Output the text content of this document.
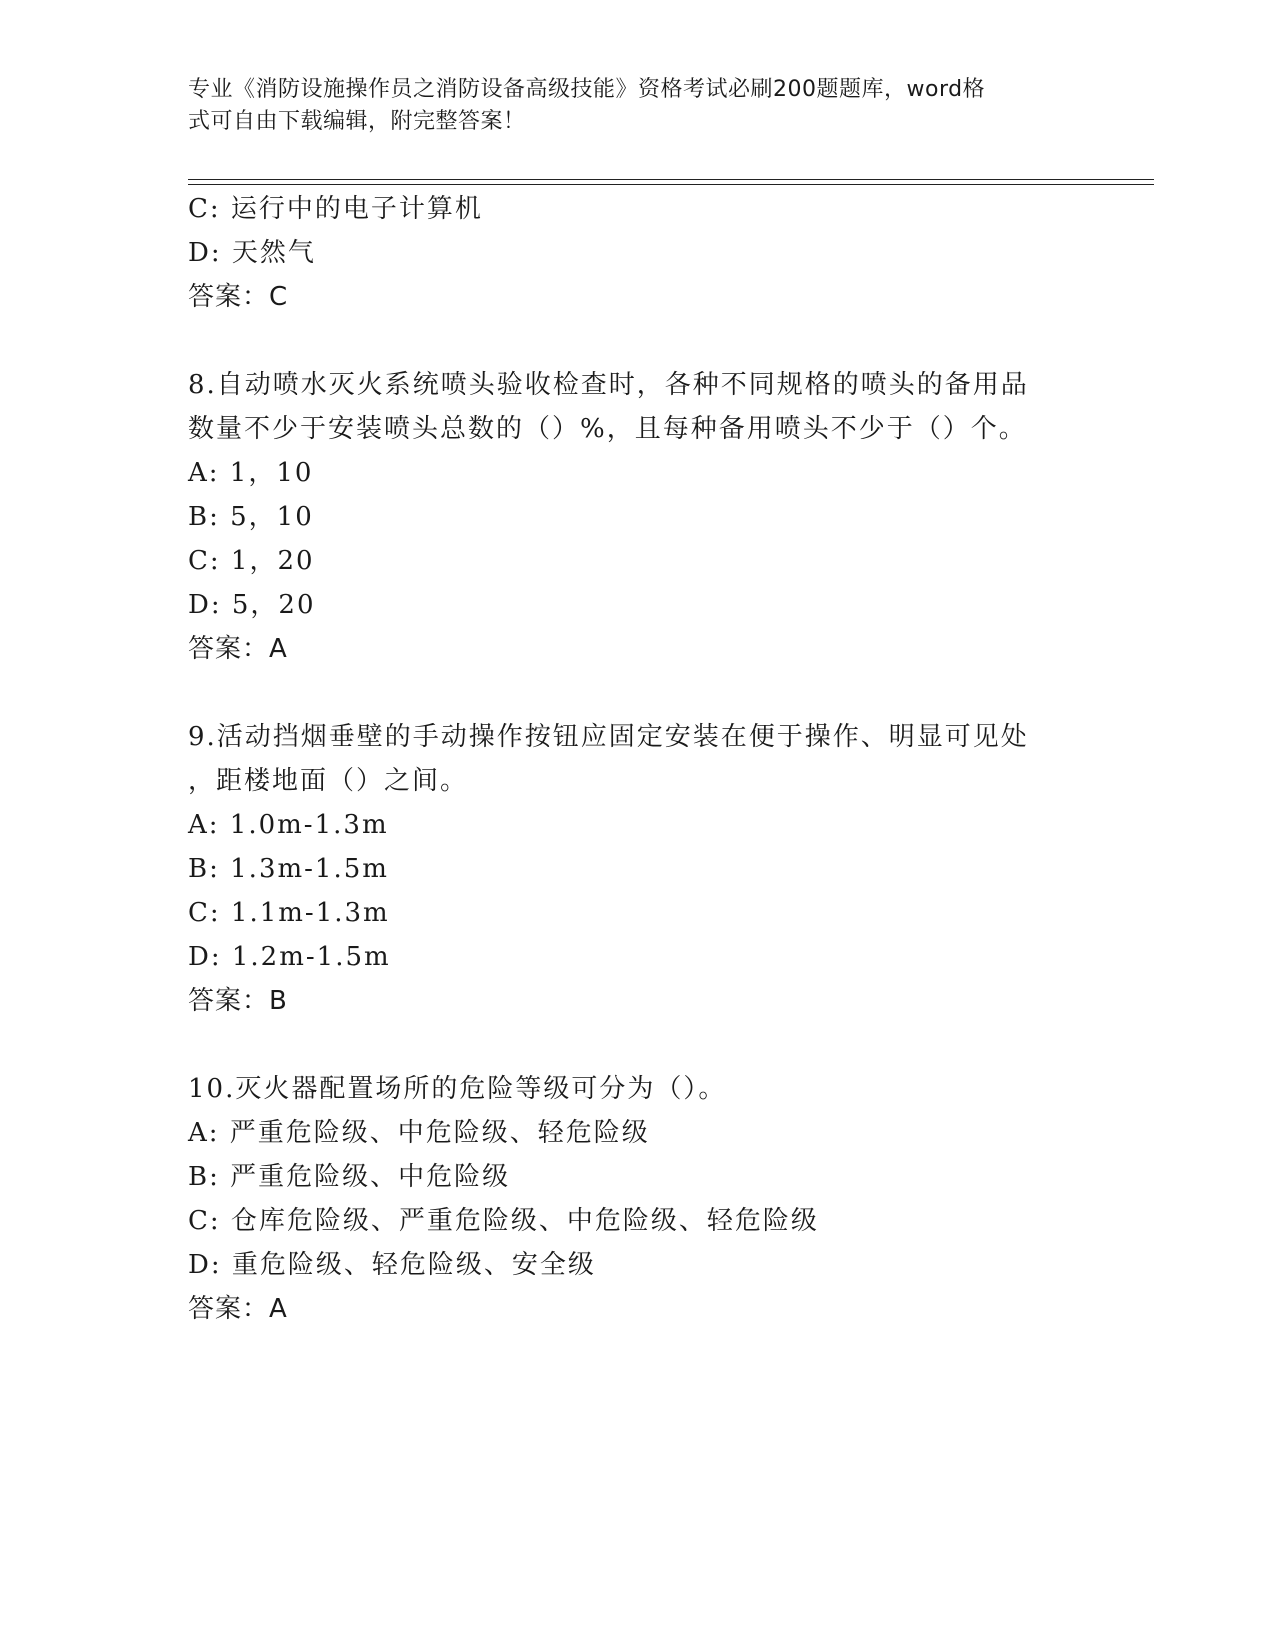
专业《消防设施操作员之消防设备高级技能》资格考试必刷200题题库，word格
式可自由下载编辑，附完整答案！
C: 运行中的电子计算机
D: 天然气
答案：C
8.自动喷水灭火系统喷头验收检查时，各种不同规格的喷头的备用品
数量不少于安装喷头总数的（）%，且每种备用喷头不少于（）个。
A: 1，10
B: 5，10
C: 1，20
D: 5，20
答案：A
9.活动挡烟垂壁的手动操作按钮应固定安装在便于操作、明显可见处
，距楼地面（）之间。
A: 1.0m-1.3m
B: 1.3m-1.5m
C: 1.1m-1.3m
D: 1.2m-1.5m
答案：B
10.灭火器配置场所的危险等级可分为（）。
A: 严重危险级、中危险级、轻危险级
B: 严重危险级、中危险级
C: 仓库危险级、严重危险级、中危险级、轻危险级
D: 重危险级、轻危险级、安全级
答案：A
